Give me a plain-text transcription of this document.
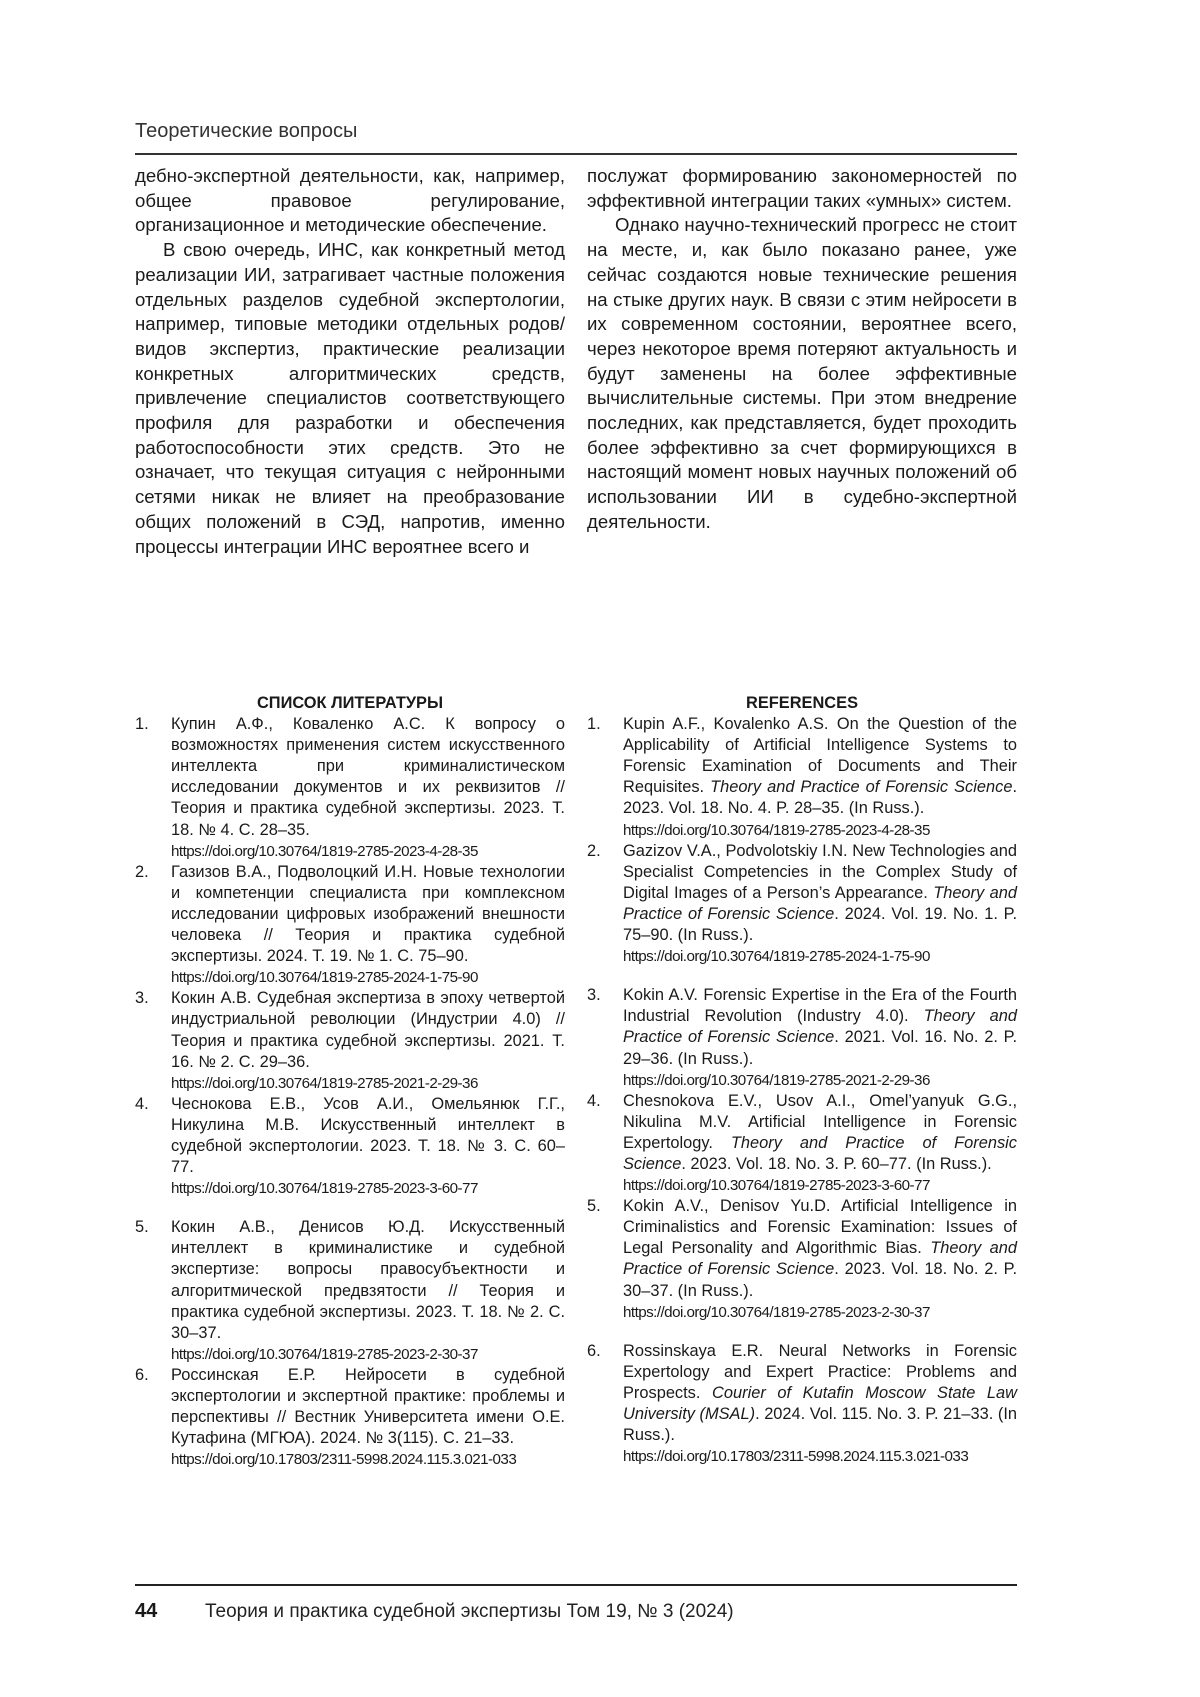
Теоретические вопросы

дебно-экспертной деятельности, как, например, общее правовое регулирование, организационное и методические обеспечение.

В свою очередь, ИНС, как конкретный метод реализации ИИ, затрагивает частные положения отдельных разделов судебной экспертологии, например, типовые методики отдельных родов/видов экспертиз, практические реализации конкретных алгоритмических средств, привлечение специалистов соответствующего профиля для разработки и обеспечения работоспособности этих средств. Это не означает, что текущая ситуация с нейронными сетями никак не влияет на преобразование общих положений в СЭД, напротив, именно процессы интеграции ИНС вероятнее всего и

послужат формированию закономерностей по эффективной интеграции таких «умных» систем.

Однако научно-технический прогресс не стоит на месте, и, как было показано ранее, уже сейчас создаются новые технические решения на стыке других наук. В связи с этим нейросети в их современном состоянии, вероятнее всего, через некоторое время потеряют актуальность и будут заменены на более эффективные вычислительные системы. При этом внедрение последних, как представляется, будет проходить более эффективно за счет формирующихся в настоящий момент новых научных положений об использовании ИИ в судебно-экспертной деятельности.

СПИСОК ЛИТЕРАТУРЫ
1.	Купин А.Ф., Коваленко А.С. К вопросу о возможностях применения систем искусственного интеллекта при криминалистическом исследовании документов и их реквизитов // Теория и практика судебной экспертизы. 2023. Т. 18. № 4. С. 28–35.
https://doi.org/10.30764/1819-2785-2023-4-28-35
2.	Газизов В.А., Подволоцкий И.Н. Новые технологии и компетенции специалиста при комплексном исследовании цифровых изображений внешности человека // Теория и практика судебной экспертизы. 2024. Т. 19. № 1. С. 75–90.
https://doi.org/10.30764/1819-2785-2024-1-75-90
3.	Кокин А.В. Судебная экспертиза в эпоху четвертой индустриальной революции (Индустрии 4.0) // Теория и практика судебной экспертизы. 2021. Т. 16. № 2. С. 29–36.
https://doi.org/10.30764/1819-2785-2021-2-29-36
4.	Чеснокова Е.В., Усов А.И., Омельянюк Г.Г., Никулина М.В. Искусственный интеллект в судебной экспертологии. 2023. Т. 18. № 3. С. 60–77.
https://doi.org/10.30764/1819-2785-2023-3-60-77
5.	Кокин А.В., Денисов Ю.Д. Искусственный интеллект в криминалистике и судебной экспертизе: вопросы правосубъектности и алгоритмической предвзятости // Теория и практика судебной экспертизы. 2023. Т. 18. № 2. С. 30–37.
https://doi.org/10.30764/1819-2785-2023-2-30-37
6.	Россинская Е.Р. Нейросети в судебной экспертологии и экспертной практике: проблемы и перспективы // Вестник Университета имени О.Е. Кутафина (МГЮА). 2024. № 3(115). С. 21–33.
https://doi.org/10.17803/2311-5998.2024.115.3.021-033
REFERENCES
1.	Kupin A.F., Kovalenko A.S. On the Question of the Applicability of Artificial Intelligence Systems to Forensic Examination of Documents and Their Requisites. Theory and Practice of Forensic Science. 2023. Vol. 18. No. 4. P. 28–35. (In Russ.).
https://doi.org/10.30764/1819-2785-2023-4-28-35
2.	Gazizov V.A., Podvolotskiy I.N. New Technologies and Specialist Competencies in the Complex Study of Digital Images of a Person’s Appearance. Theory and Practice of Forensic Science. 2024. Vol. 19. No. 1. P. 75–90. (In Russ.).
https://doi.org/10.30764/1819-2785-2024-1-75-90
3.	Kokin A.V. Forensic Expertise in the Era of the Fourth Industrial Revolution (Industry 4.0). Theory and Practice of Forensic Science. 2021. Vol. 16. No. 2. P. 29–36. (In Russ.).
https://doi.org/10.30764/1819-2785-2021-2-29-36
4.	Chesnokova E.V., Usov A.I., Omel’yanyuk G.G., Nikulina M.V. Artificial Intelligence in Forensic Expertology. Theory and Practice of Forensic Science. 2023. Vol. 18. No. 3. P. 60–77. (In Russ.).
https://doi.org/10.30764/1819-2785-2023-3-60-77
5.	Kokin A.V., Denisov Yu.D. Artificial Intelligence in Criminalistics and Forensic Examination: Issues of Legal Personality and Algorithmic Bias. Theory and Practice of Forensic Science. 2023. Vol. 18. No. 2. P. 30–37. (In Russ.).
https://doi.org/10.30764/1819-2785-2023-2-30-37
6.	Rossinskaya E.R. Neural Networks in Forensic Expertology and Expert Practice: Problems and Prospects. Courier of Kutafin Moscow State Law University (MSAL). 2024. Vol. 115. No. 3. P. 21–33. (In Russ.).
https://doi.org/10.17803/2311-5998.2024.115.3.021-033
44	Теория и практика судебной экспертизы Том 19, № 3 (2024)
